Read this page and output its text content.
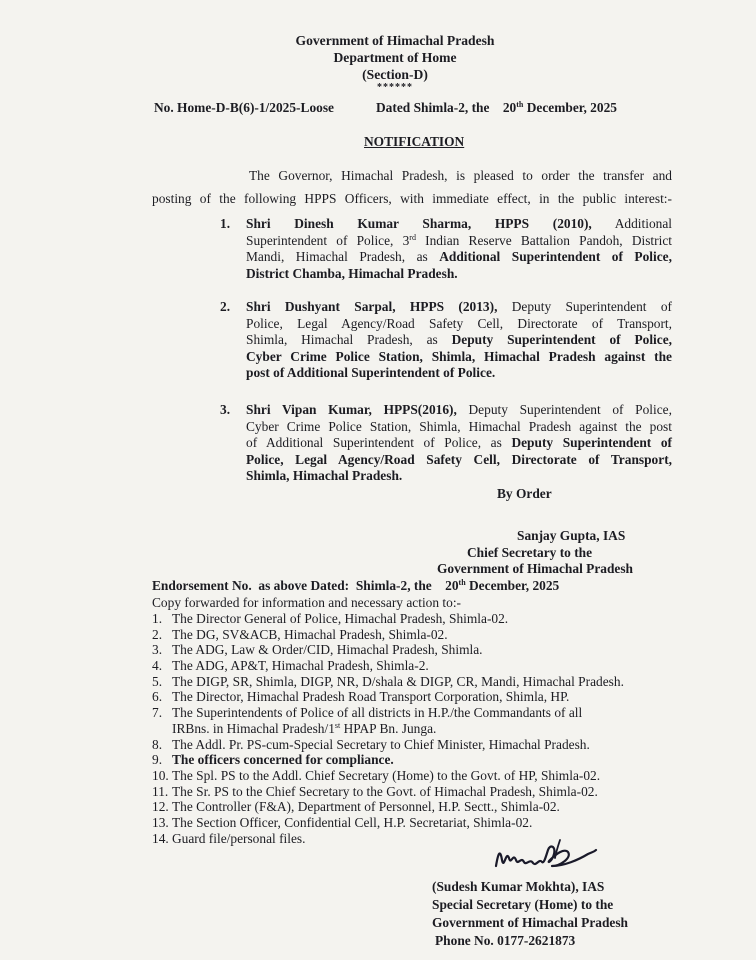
Government of Himachal Pradesh
Department of Home
(Section-D)
******
No. Home-D-B(6)-1/2025-Loose	Dated Shimla-2, the 20th December, 2025
NOTIFICATION
The Governor, Himachal Pradesh, is pleased to order the transfer and
posting of the following HPPS Officers, with immediate effect, in the public interest:-
1. Shri Dinesh Kumar Sharma, HPPS (2010), Additional
Superintendent of Police, 3rd Indian Reserve Battalion Pandoh, District
Mandi, Himachal Pradesh, as Additional Superintendent of Police,
District Chamba, Himachal Pradesh.
2. Shri Dushyant Sarpal, HPPS (2013), Deputy Superintendent of
Police, Legal Agency/Road Safety Cell, Directorate of Transport,
Shimla, Himachal Pradesh, as Deputy Superintendent of Police,
Cyber Crime Police Station, Shimla, Himachal Pradesh against the
post of Additional Superintendent of Police.
3. Shri Vipan Kumar, HPPS(2016), Deputy Superintendent of Police,
Cyber Crime Police Station, Shimla, Himachal Pradesh against the post
of Additional Superintendent of Police, as Deputy Superintendent of
Police, Legal Agency/Road Safety Cell, Directorate of Transport,
Shimla, Himachal Pradesh.
By Order
Sanjay Gupta, IAS
Chief Secretary to the
Government of Himachal Pradesh
Endorsement No. as above Dated: Shimla-2, the 20th December, 2025
Copy forwarded for information and necessary action to:-
1. The Director General of Police, Himachal Pradesh, Shimla-02.
2. The DG, SV&ACB, Himachal Pradesh, Shimla-02.
3. The ADG, Law & Order/CID, Himachal Pradesh, Shimla.
4. The ADG, AP&T, Himachal Pradesh, Shimla-2.
5. The DIGP, SR, Shimla, DIGP, NR, D/shala & DIGP, CR, Mandi, Himachal Pradesh.
6. The Director, Himachal Pradesh Road Transport Corporation, Shimla, HP.
7. The Superintendents of Police of all districts in H.P./the Commandants of all
IRBns. in Himachal Pradesh/1st HPAP Bn. Junga.
8. The Addl. Pr. PS-cum-Special Secretary to Chief Minister, Himachal Pradesh.
9. The officers concerned for compliance.
10. The Spl. PS to the Addl. Chief Secretary (Home) to the Govt. of HP, Shimla-02.
11. The Sr. PS to the Chief Secretary to the Govt. of Himachal Pradesh, Shimla-02.
12. The Controller (F&A), Department of Personnel, H.P. Sectt., Shimla-02.
13. The Section Officer, Confidential Cell, H.P. Secretariat, Shimla-02.
14. Guard file/personal files.
(Sudesh Kumar Mokhta), IAS
Special Secretary (Home) to the
Government of Himachal Pradesh
Phone No. 0177-2621873
